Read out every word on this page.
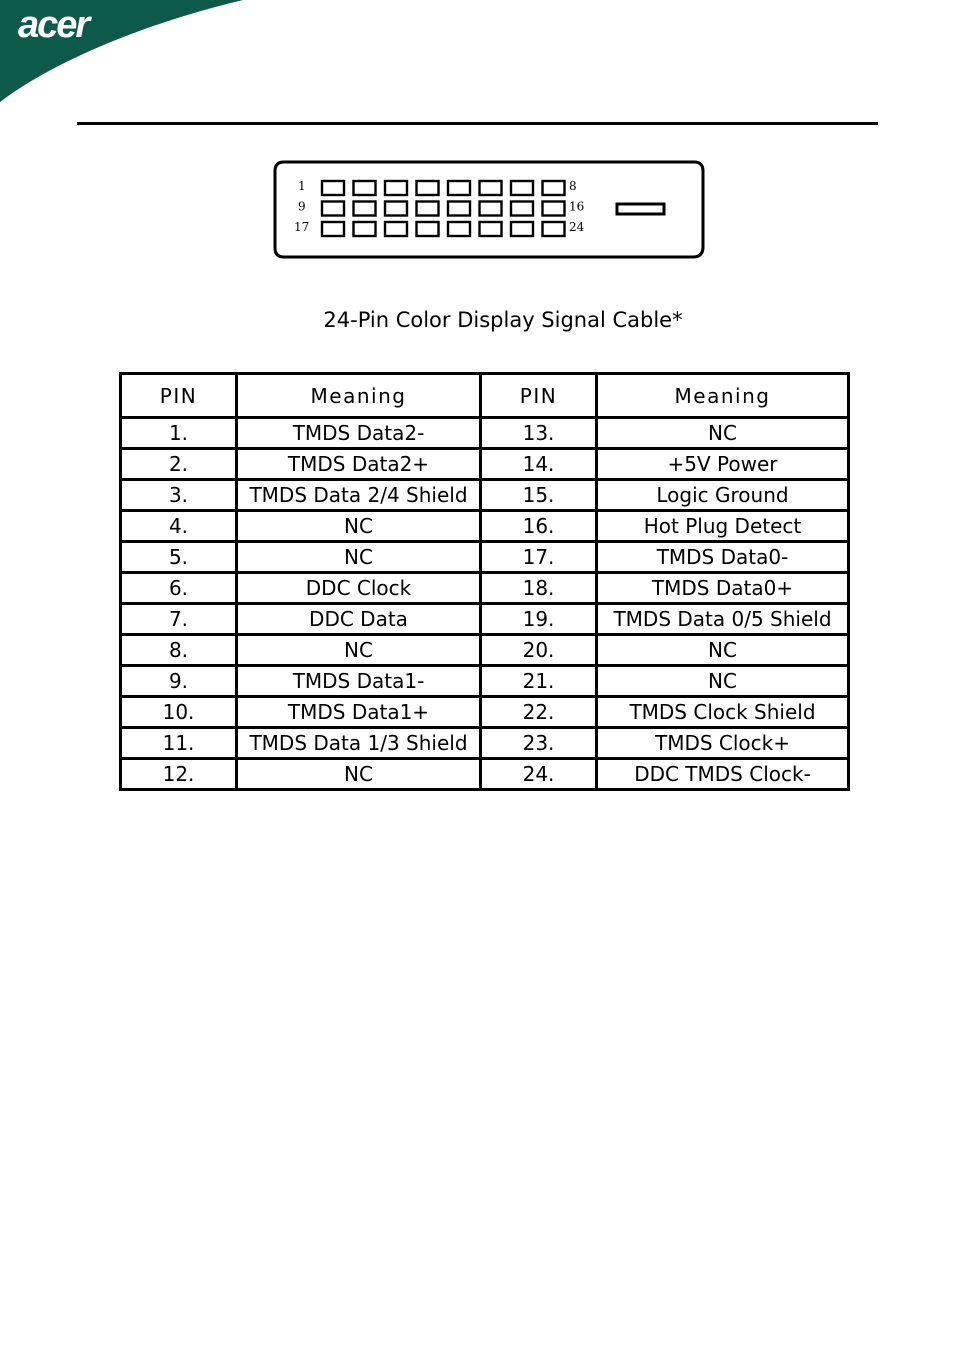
acer
1
9
17
8
16
24
24-Pin Color Display Signal Cable*
PIN	Meaning	PIN	Meaning
1.	TMDS Data2-	13.	NC
2.	TMDS Data2+	14.	+5V Power
3.	TMDS Data 2/4 Shield	15.	Logic Ground
4.	NC	16.	Hot Plug Detect
5.	NC	17.	TMDS Data0-
6.	DDC Clock	18.	TMDS Data0+
7.	DDC Data	19.	TMDS Data 0/5 Shield
8.	NC	20.	NC
9.	TMDS Data1-	21.	NC
10.	TMDS Data1+	22.	TMDS Clock Shield
11.	TMDS Data 1/3 Shield	23.	TMDS Clock+
12.	NC	24.	DDC TMDS Clock-
